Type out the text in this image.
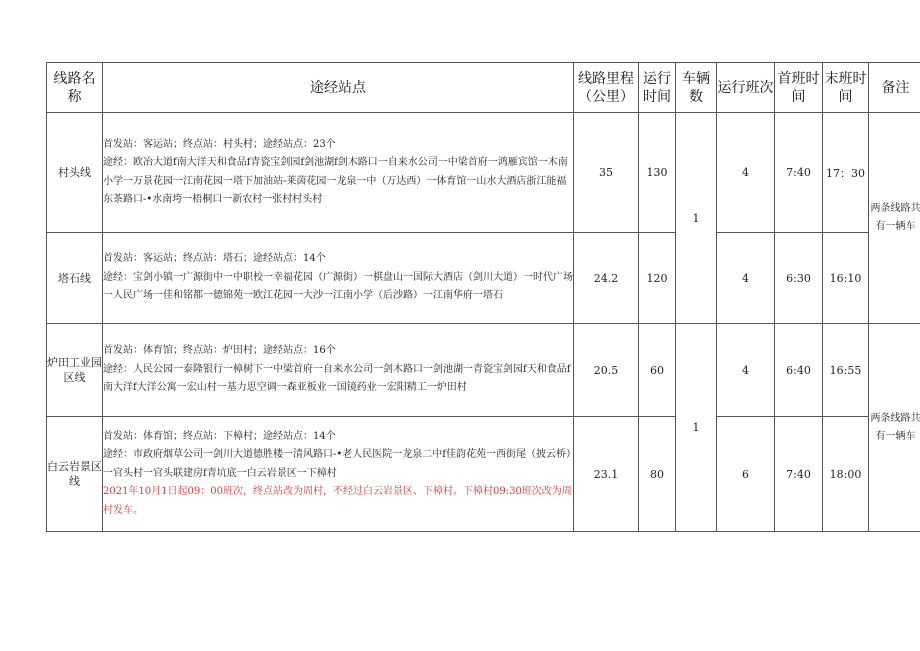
线路名称	途经站点	线路里程（公里）	运行时间	车辆数	运行班次	首班时间	末班时间	备注
村头线	首发站：客运站；终点站：村头村；途经站点：23个
途经：欧冶大道f南大洋天和食品f青瓷宝剑园f剑池湖f剑木路口一自来水公司一中梁首府一鸿雁宾馆一木南小学一万景花园一江南花园一塔下加油站-莱茵花园一龙泉一中（万达西）一体育馆一山水大酒店浙江能福东茶路口-•水南垮一梧桐口一新农村一张村村头村	35	130	1	4	7:40	17：30	两条线路共有一辆车
塔石线	首发站：客运站；终点站：塔石；途经站点：14个
途经：宝剑小镇一广源街中一中职校一幸福花园（广源街）一棋盘山一国际大酒店（剑川大道）一时代广场一人民广场一佳和铭都一德锦苑一欧江花园一大沙一江南小学（后沙路）一江南华府一塔石	24.2	120		4	6:30	16:10	
炉田工业园区线	首发站：体育馆；终点站：炉田村；途经站点：16个
途经：人民公园一泰隆银行一樟树下一中梁首府一自来水公司一剑木路口一剑池湖一青瓷宝剑园f天和食品f南大洋f大洋公寓一宏山村一基力思空调一森亚板业一国镜药业一宏阳精工一炉田村	20.5	60	1	4	6:40	16:55	两条线路共有一辆车
白云岩景区线	首发站：体育馆；终点站：下樟村；途经站点：14个
途经：市政府烟草公司一剑川大道德胜楼一清风路口-•老人民医院一龙泉二中f佳韵花苑一西街尾（披云桥）一官头村一官头联建房f青坑底一白云岩景区一下樟村
2021年10月1日起09：00班次，终点站改为周村，不经过白云岩景区、下樟村。下樟村09:30班次改为周村发车。	23.1	80		6	7:40	18:00	
